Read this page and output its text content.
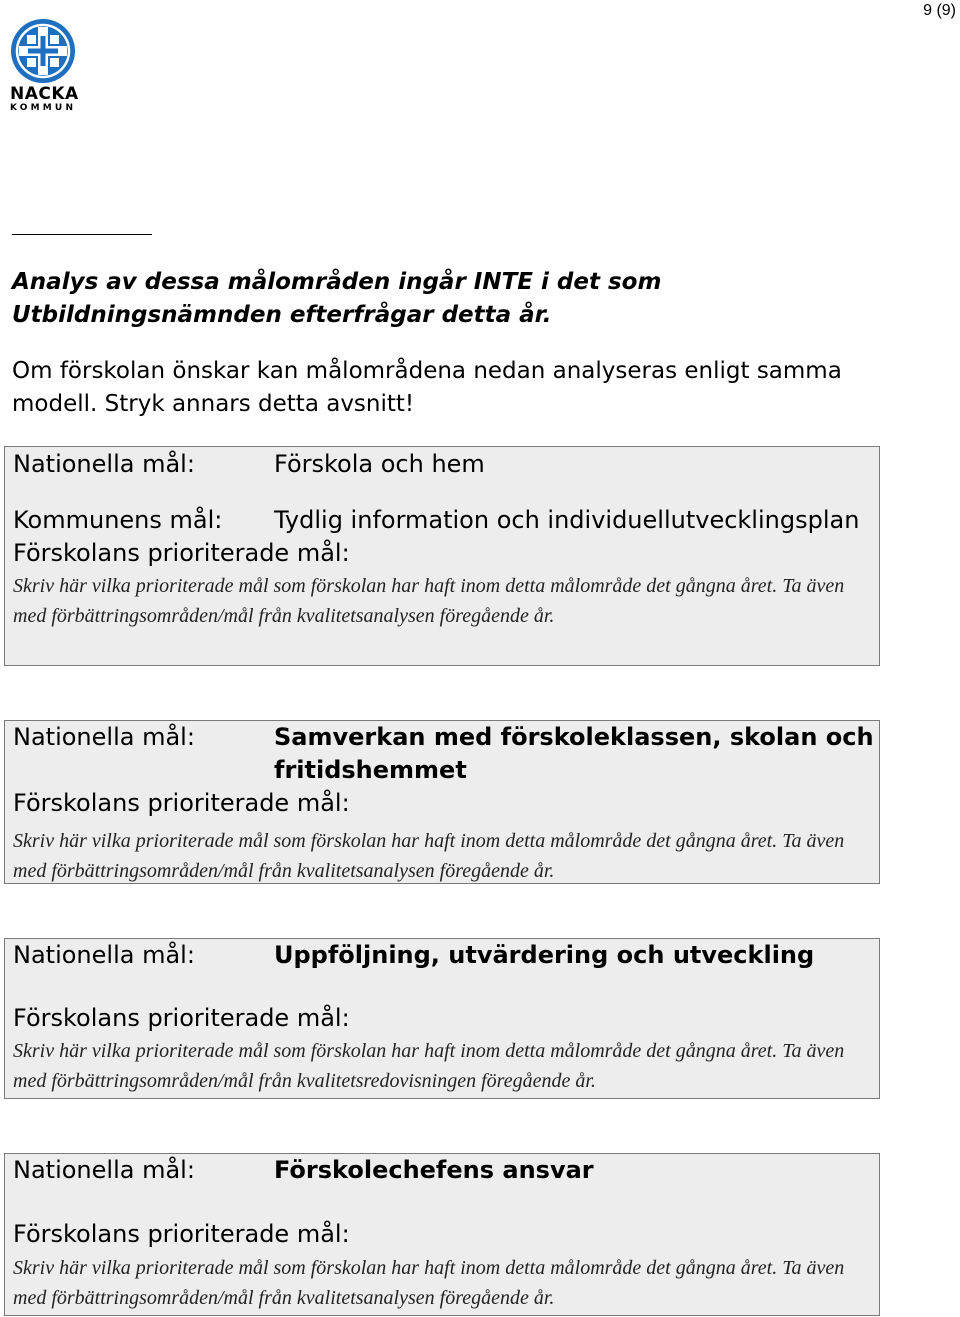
9 (9)
NACKA
KOMMUN
Analys av dessa målområden ingår INTE i det som Utbildningsnämnden efterfrågar detta år.
Om förskolan önskar kan målområdena nedan analyseras enligt samma modell. Stryk annars detta avsnitt!
Nationella mål:	Förskola och hem
Kommunens mål: Tydlig information och individuellutvecklingsplan
Förskolans prioriterade mål:
Skriv här vilka prioriterade mål som förskolan har haft inom detta målområde det gångna året. Ta även med förbättringsområden/mål från kvalitetsanalysen föregående år.
Nationella mål:	Samverkan med förskoleklassen, skolan och fritidshemmet
Förskolans prioriterade mål:
Skriv här vilka prioriterade mål som förskolan har haft inom detta målområde det gångna året. Ta även med förbättringsområden/mål från kvalitetsanalysen föregående år.
Nationella mål:	Uppföljning, utvärdering och utveckling
Förskolans prioriterade mål:
Skriv här vilka prioriterade mål som förskolan har haft inom detta målområde det gångna året. Ta även med förbättringsområden/mål från kvalitetsredovisningen föregående år.
Nationella mål:	Förskolechefens ansvar
Förskolans prioriterade mål:
Skriv här vilka prioriterade mål som förskolan har haft inom detta målområde det gångna året. Ta även med förbättringsområden/mål från kvalitetsanalysen föregående år.
